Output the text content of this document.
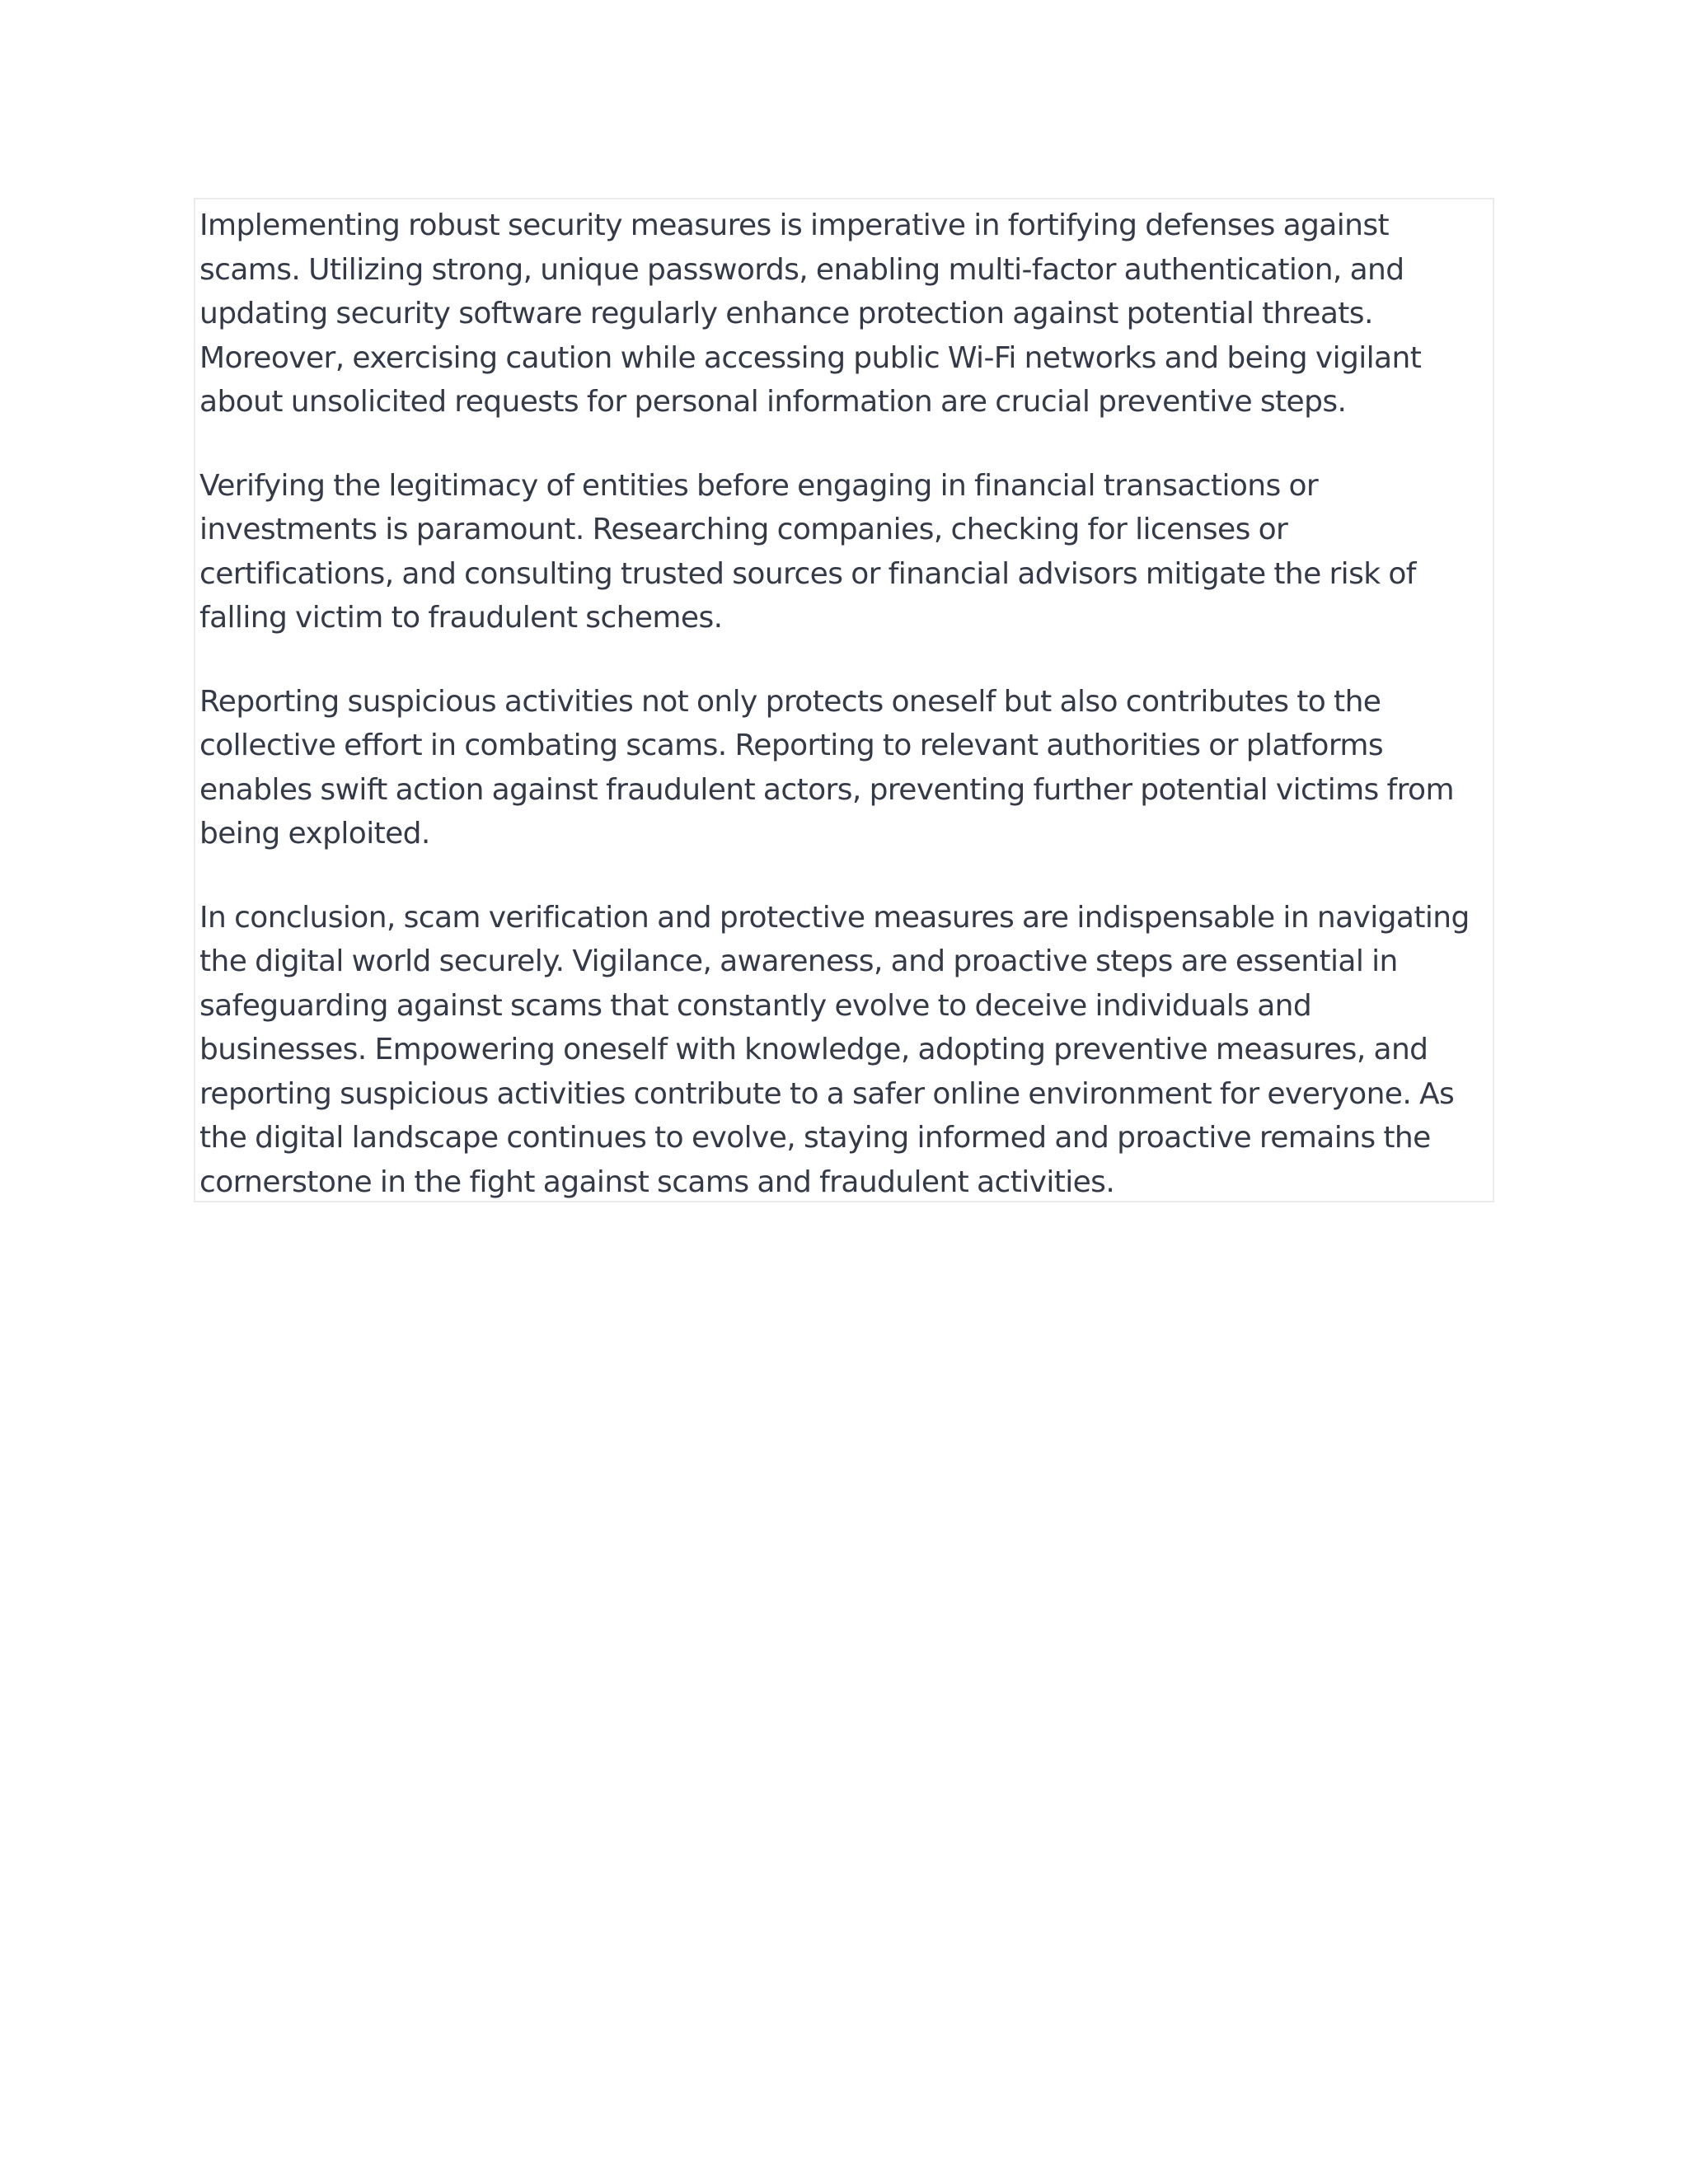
Implementing robust security measures is imperative in fortifying defenses against
scams. Utilizing strong, unique passwords, enabling multi-factor authentication, and
updating security software regularly enhance protection against potential threats.
Moreover, exercising caution while accessing public Wi-Fi networks and being vigilant
about unsolicited requests for personal information are crucial preventive steps.

Verifying the legitimacy of entities before engaging in financial transactions or
investments is paramount. Researching companies, checking for licenses or
certifications, and consulting trusted sources or financial advisors mitigate the risk of
falling victim to fraudulent schemes.

Reporting suspicious activities not only protects oneself but also contributes to the
collective effort in combating scams. Reporting to relevant authorities or platforms
enables swift action against fraudulent actors, preventing further potential victims from
being exploited.

In conclusion, scam verification and protective measures are indispensable in navigating
the digital world securely. Vigilance, awareness, and proactive steps are essential in
safeguarding against scams that constantly evolve to deceive individuals and
businesses. Empowering oneself with knowledge, adopting preventive measures, and
reporting suspicious activities contribute to a safer online environment for everyone. As
the digital landscape continues to evolve, staying informed and proactive remains the
cornerstone in the fight against scams and fraudulent activities.
